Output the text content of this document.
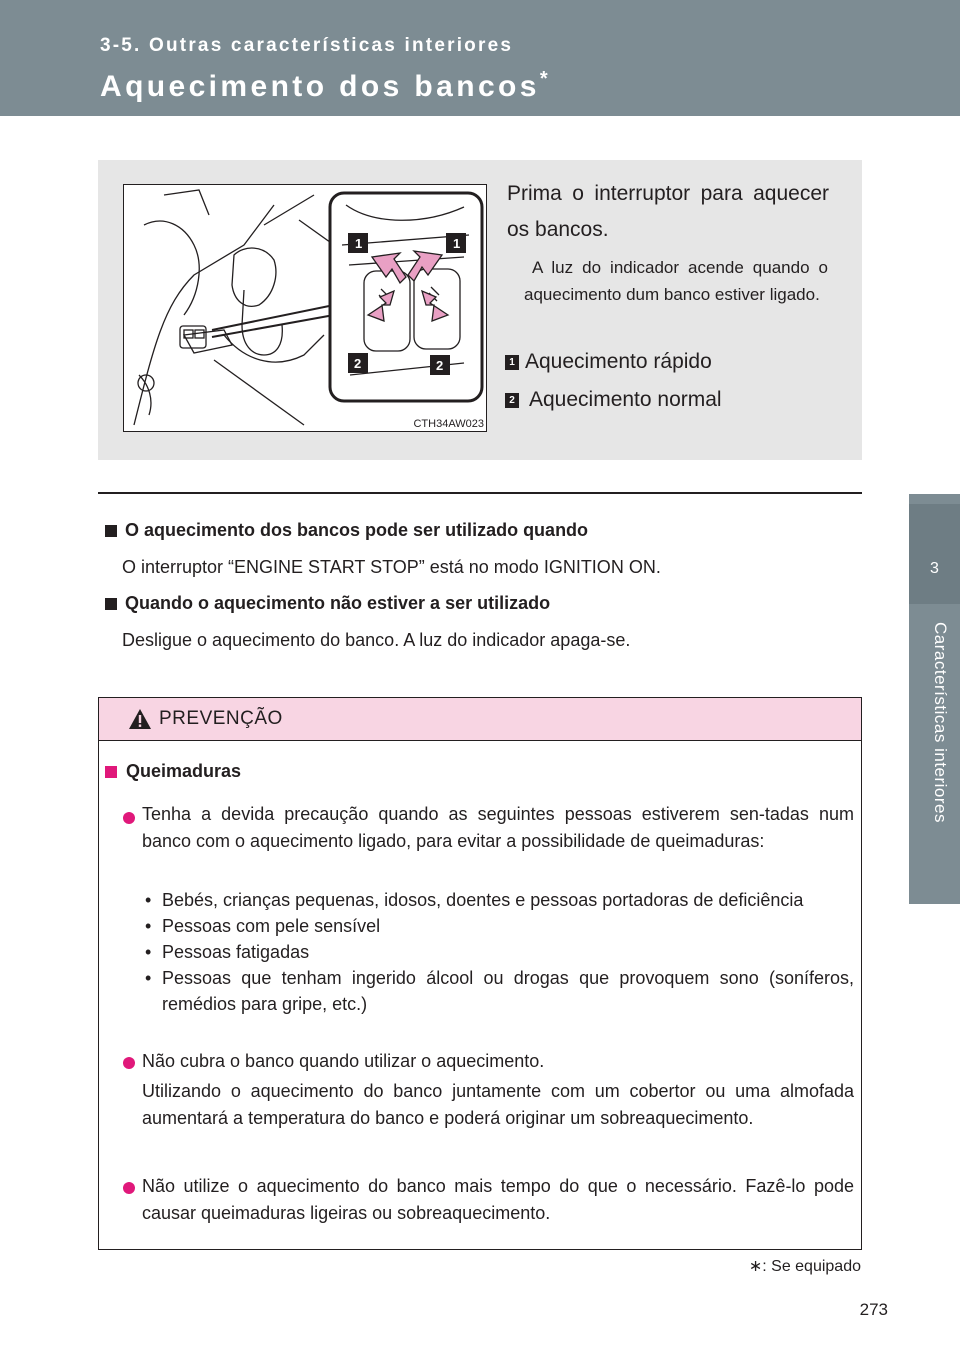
3-5. Outras características interiores
Aquecimento dos bancos*
3
Características interiores
1	1
2	2
CTH34AW023

Prima o interruptor para aquecer os bancos.

A luz do indicador acende quando o aquecimento dum banco estiver ligado.

1 Aquecimento rápido
2 Aquecimento normal

O aquecimento dos bancos pode ser utilizado quando

O interruptor “ENGINE START STOP” está no modo IGNITION ON.

Quando o aquecimento não estiver a ser utilizado

Desligue o aquecimento do banco. A luz do indicador apaga-se.

PREVENÇÃO

Queimaduras

Tenha a devida precaução quando as seguintes pessoas estiverem sen-tadas num banco com o aquecimento ligado, para evitar a possibilidade de queimaduras:

• Bebés, crianças pequenas, idosos, doentes e pessoas portadoras de deficiência
• Pessoas com pele sensível
• Pessoas fatigadas
• Pessoas que tenham ingerido álcool ou drogas que provoquem sono (soníferos, remédios para gripe, etc.)

Não cubra o banco quando utilizar o aquecimento.

Utilizando o aquecimento do banco juntamente com um cobertor ou uma almofada aumentará a temperatura do banco e poderá originar um sobreaquecimento.

Não utilize o aquecimento do banco mais tempo do que o necessário. Fazê-lo pode causar queimaduras ligeiras ou sobreaquecimento.

∗: Se equipado
273
